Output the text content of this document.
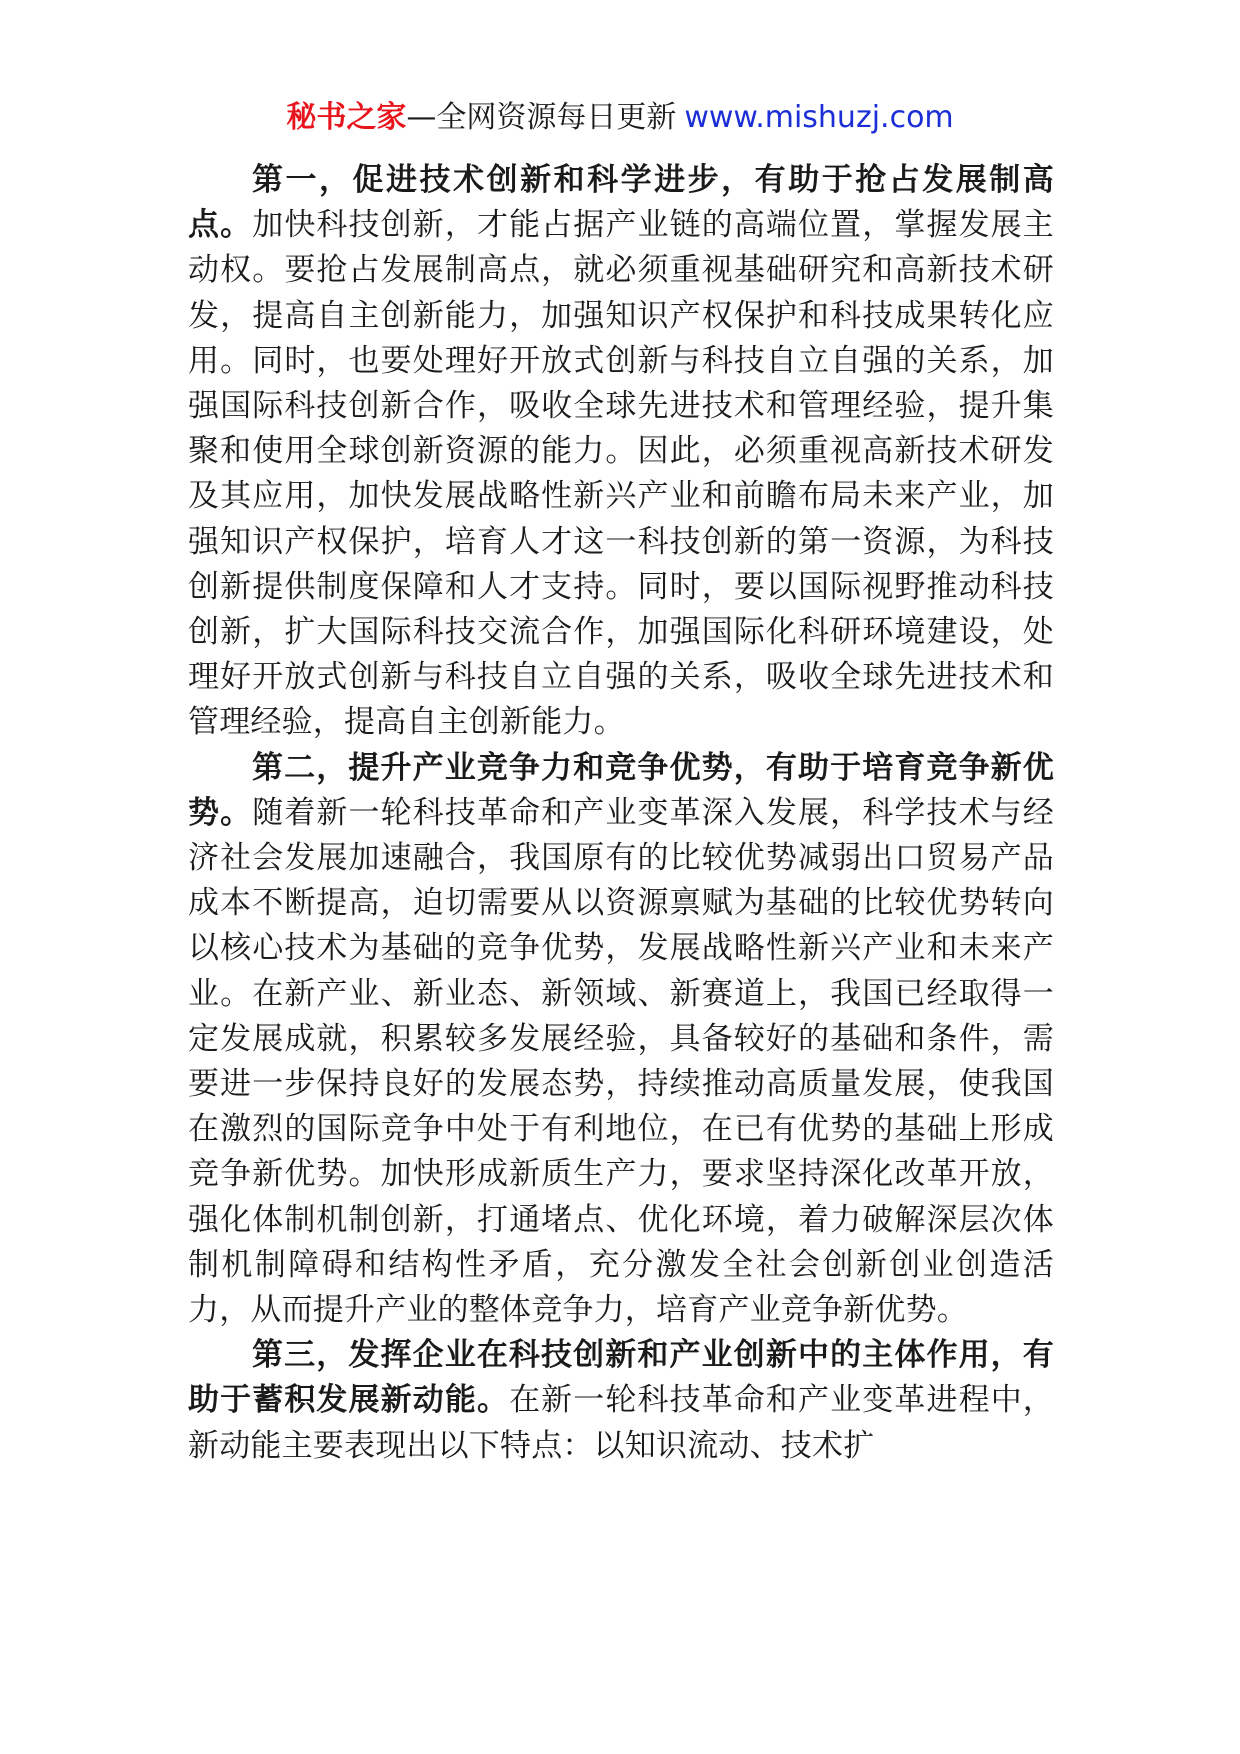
秘书之家—全网资源每日更新 www.mishuzj.com

第一，促进技术创新和科学进步，有助于抢占发展制高点。加快科技创新，才能占据产业链的高端位置，掌握发展主动权。要抢占发展制高点，就必须重视基础研究和高新技术研发，提高自主创新能力，加强知识产权保护和科技成果转化应用。同时，也要处理好开放式创新与科技自立自强的关系，加强国际科技创新合作，吸收全球先进技术和管理经验，提升集聚和使用全球创新资源的能力。因此，必须重视高新技术研发及其应用，加快发展战略性新兴产业和前瞻布局未来产业，加强知识产权保护，培育人才这一科技创新的第一资源，为科技创新提供制度保障和人才支持。同时，要以国际视野推动科技创新，扩大国际科技交流合作，加强国际化科研环境建设，处理好开放式创新与科技自立自强的关系，吸收全球先进技术和管理经验，提高自主创新能力。

第二，提升产业竞争力和竞争优势，有助于培育竞争新优势。随着新一轮科技革命和产业变革深入发展，科学技术与经济社会发展加速融合，我国原有的比较优势减弱出口贸易产品成本不断提高，迫切需要从以资源禀赋为基础的比较优势转向以核心技术为基础的竞争优势，发展战略性新兴产业和未来产业。在新产业、新业态、新领域、新赛道上，我国已经取得一定发展成就，积累较多发展经验，具备较好的基础和条件，需要进一步保持良好的发展态势，持续推动高质量发展，使我国在激烈的国际竞争中处于有利地位，在已有优势的基础上形成竞争新优势。加快形成新质生产力，要求坚持深化改革开放，强化体制机制创新，打通堵点、优化环境，着力破解深层次体制机制障碍和结构性矛盾，充分激发全社会创新创业创造活力，从而提升产业的整体竞争力，培育产业竞争新优势。

第三，发挥企业在科技创新和产业创新中的主体作用，有助于蓄积发展新动能。在新一轮科技革命和产业变革进程中，新动能主要表现出以下特点：以知识流动、技术扩
